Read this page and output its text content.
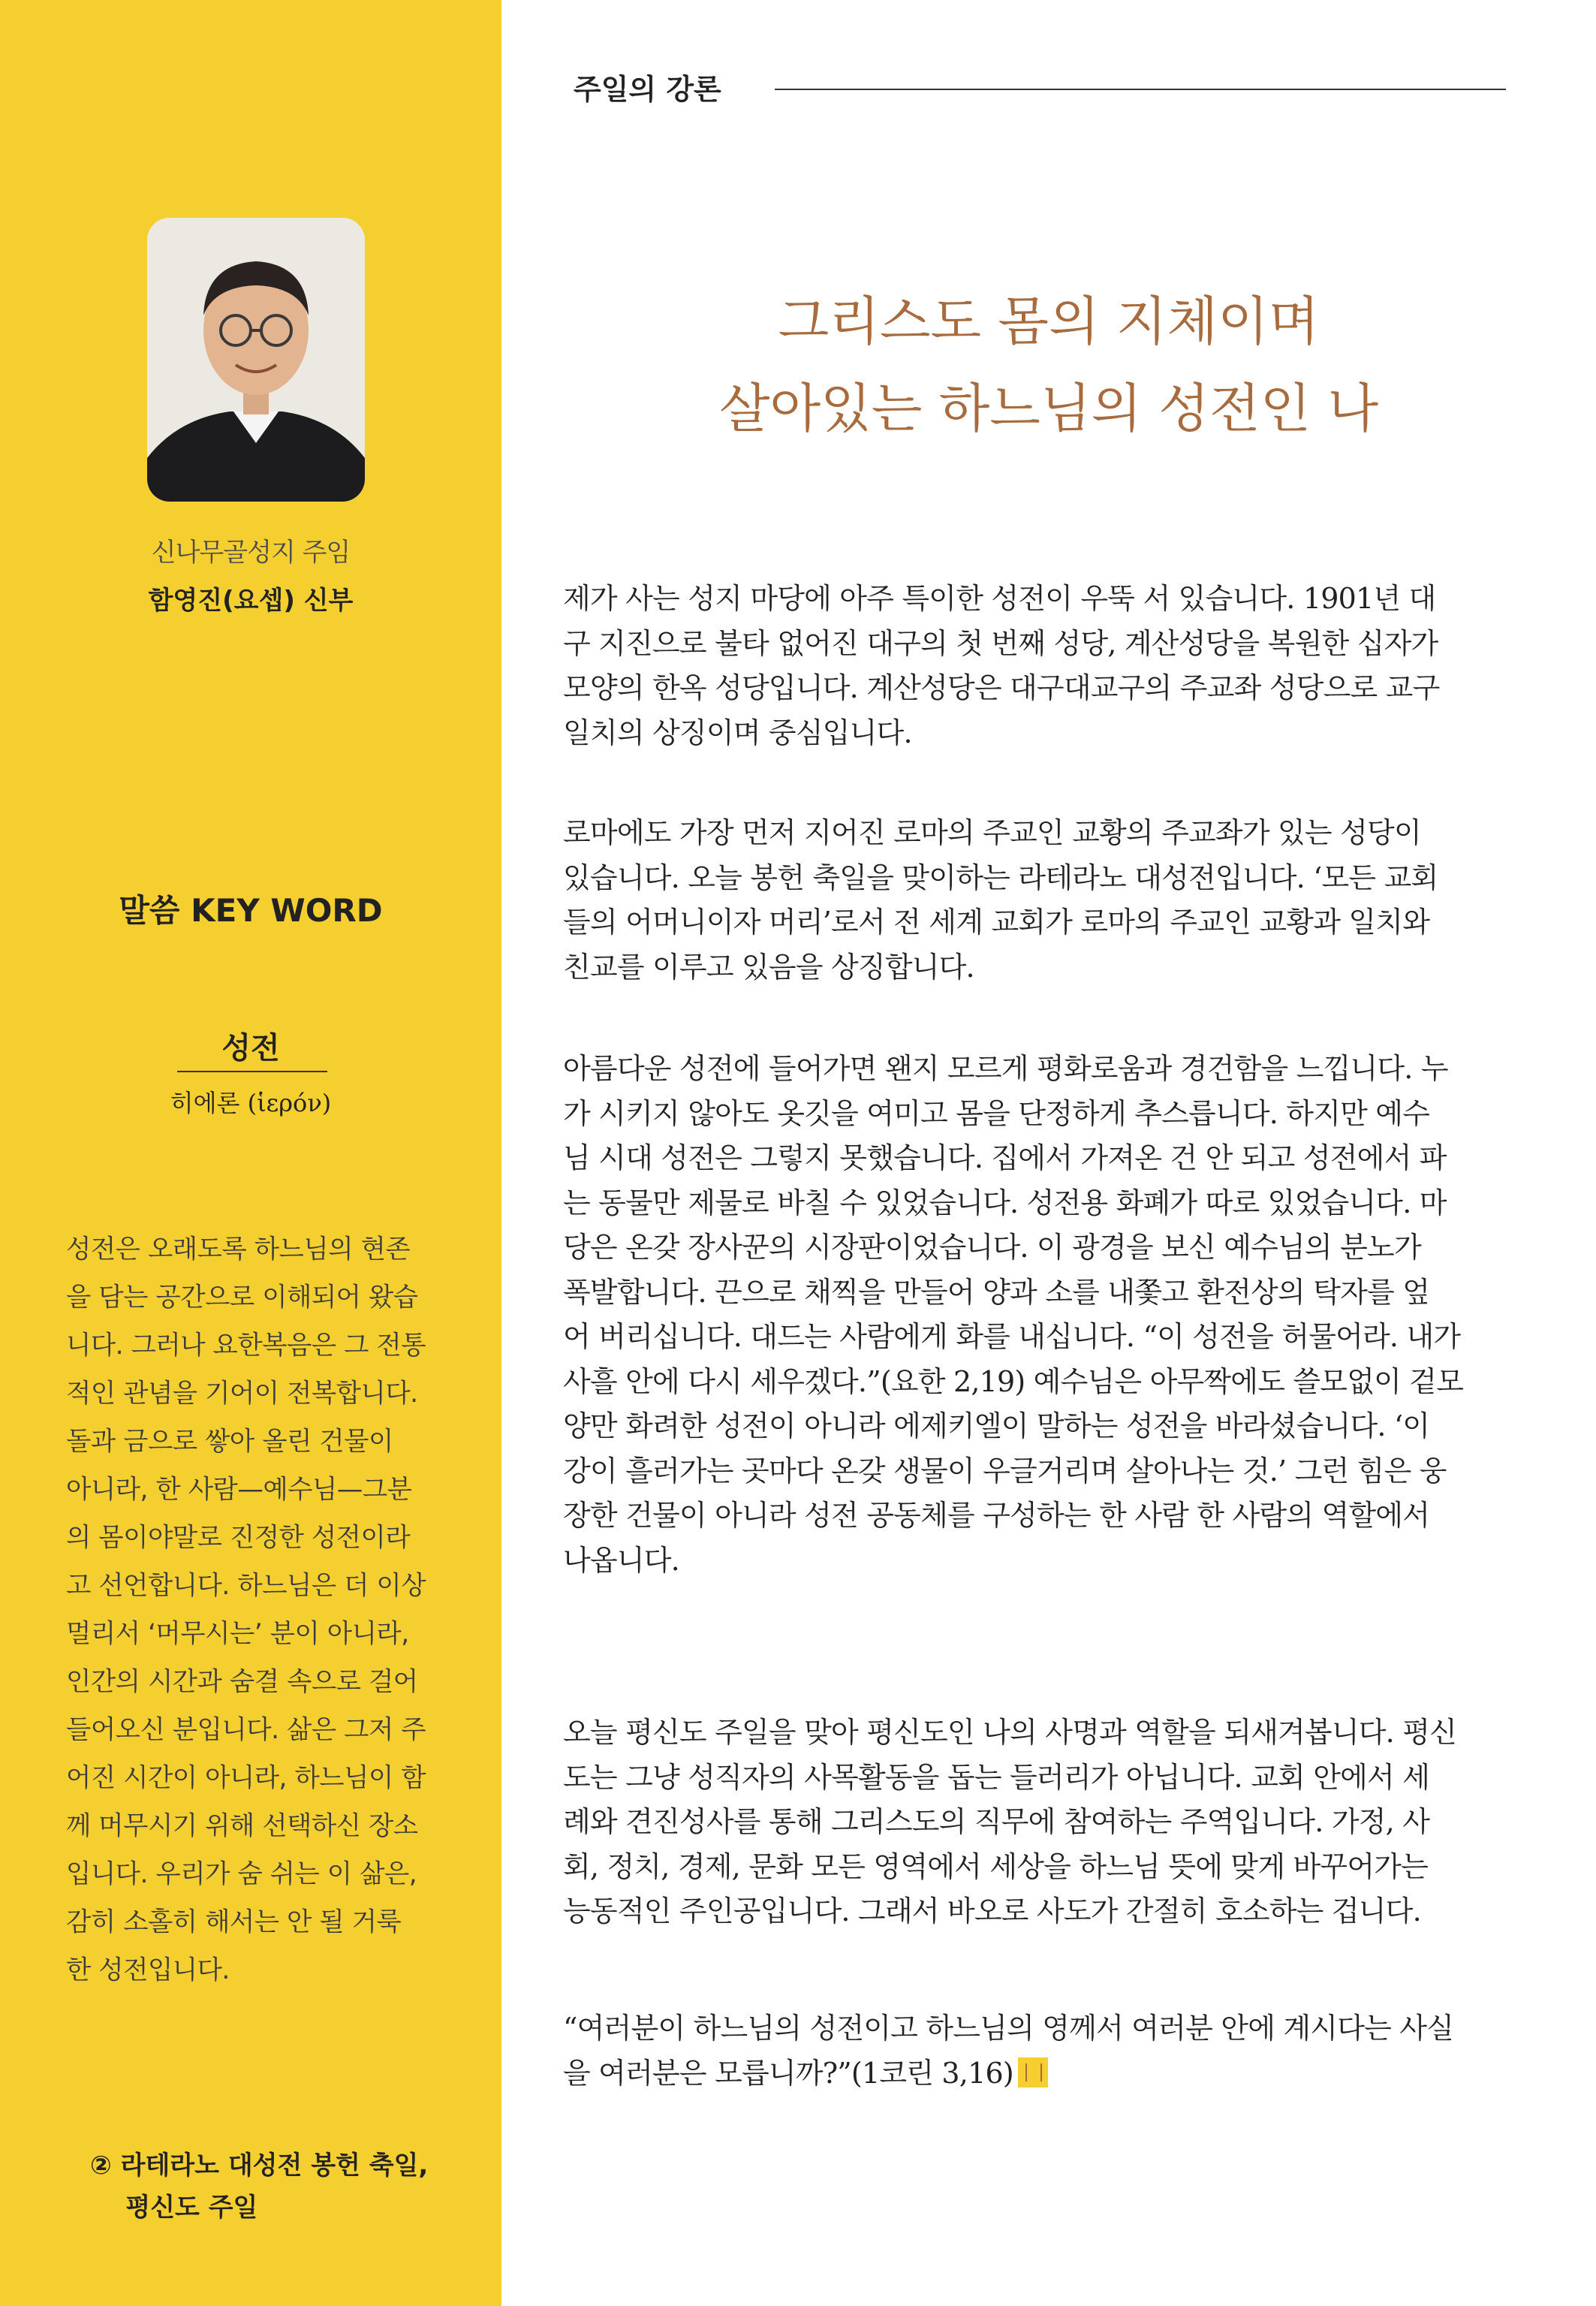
신나무골성지 주임
함영진(요셉) 신부
말씀 KEY WORD
성전
히에론 (ἱερόν)
성전은 오래도록 하느님의 현존
을 담는 공간으로 이해되어 왔습
니다. 그러나 요한복음은 그 전통
적인 관념을 기어이 전복합니다.
돌과 금으로 쌓아 올린 건물이
아니라, 한 사람—예수님—그분
의 몸이야말로 진정한 성전이라
고 선언합니다. 하느님은 더 이상
멀리서 ‘머무시는’ 분이 아니라,
인간의 시간과 숨결 속으로 걸어
들어오신 분입니다. 삶은 그저 주
어진 시간이 아니라, 하느님이 함
께 머무시기 위해 선택하신 장소
입니다. 우리가 숨 쉬는 이 삶은,
감히 소홀히 해서는 안 될 거룩
한 성전입니다.
② 라테라노 대성전 봉헌 축일,
평신도 주일
주일의 강론
그리스도 몸의 지체이며
살아있는 하느님의 성전인 나
제가 사는 성지 마당에 아주 특이한 성전이 우뚝 서 있습니다. 1901년 대
구 지진으로 불타 없어진 대구의 첫 번째 성당, 계산성당을 복원한 십자가
모양의 한옥 성당입니다. 계산성당은 대구대교구의 주교좌 성당으로 교구
일치의 상징이며 중심입니다.
로마에도 가장 먼저 지어진 로마의 주교인 교황의 주교좌가 있는 성당이
있습니다. 오늘 봉헌 축일을 맞이하는 라테라노 대성전입니다. ‘모든 교회
들의 어머니이자 머리’로서 전 세계 교회가 로마의 주교인 교황과 일치와
친교를 이루고 있음을 상징합니다.
아름다운 성전에 들어가면 왠지 모르게 평화로움과 경건함을 느낍니다. 누
가 시키지 않아도 옷깃을 여미고 몸을 단정하게 추스릅니다. 하지만 예수
님 시대 성전은 그렇지 못했습니다. 집에서 가져온 건 안 되고 성전에서 파
는 동물만 제물로 바칠 수 있었습니다. 성전용 화폐가 따로 있었습니다. 마
당은 온갖 장사꾼의 시장판이었습니다. 이 광경을 보신 예수님의 분노가
폭발합니다. 끈으로 채찍을 만들어 양과 소를 내쫓고 환전상의 탁자를 엎
어 버리십니다. 대드는 사람에게 화를 내십니다. “이 성전을 허물어라. 내가
사흘 안에 다시 세우겠다.”(요한 2,19) 예수님은 아무짝에도 쓸모없이 겉모
양만 화려한 성전이 아니라 에제키엘이 말하는 성전을 바라셨습니다. ‘이
강이 흘러가는 곳마다 온갖 생물이 우글거리며 살아나는 것.’ 그런 힘은 웅
장한 건물이 아니라 성전 공동체를 구성하는 한 사람 한 사람의 역할에서
나옵니다.
오늘 평신도 주일을 맞아 평신도인 나의 사명과 역할을 되새겨봅니다. 평신
도는 그냥 성직자의 사목활동을 돕는 들러리가 아닙니다. 교회 안에서 세
례와 견진성사를 통해 그리스도의 직무에 참여하는 주역입니다. 가정, 사
회, 정치, 경제, 문화 모든 영역에서 세상을 하느님 뜻에 맞게 바꾸어가는
능동적인 주인공입니다. 그래서 바오로 사도가 간절히 호소하는 겁니다.
“여러분이 하느님의 성전이고 하느님의 영께서 여러분 안에 계시다는 사실
을 여러분은 모릅니까?”(1코린 3,16)
